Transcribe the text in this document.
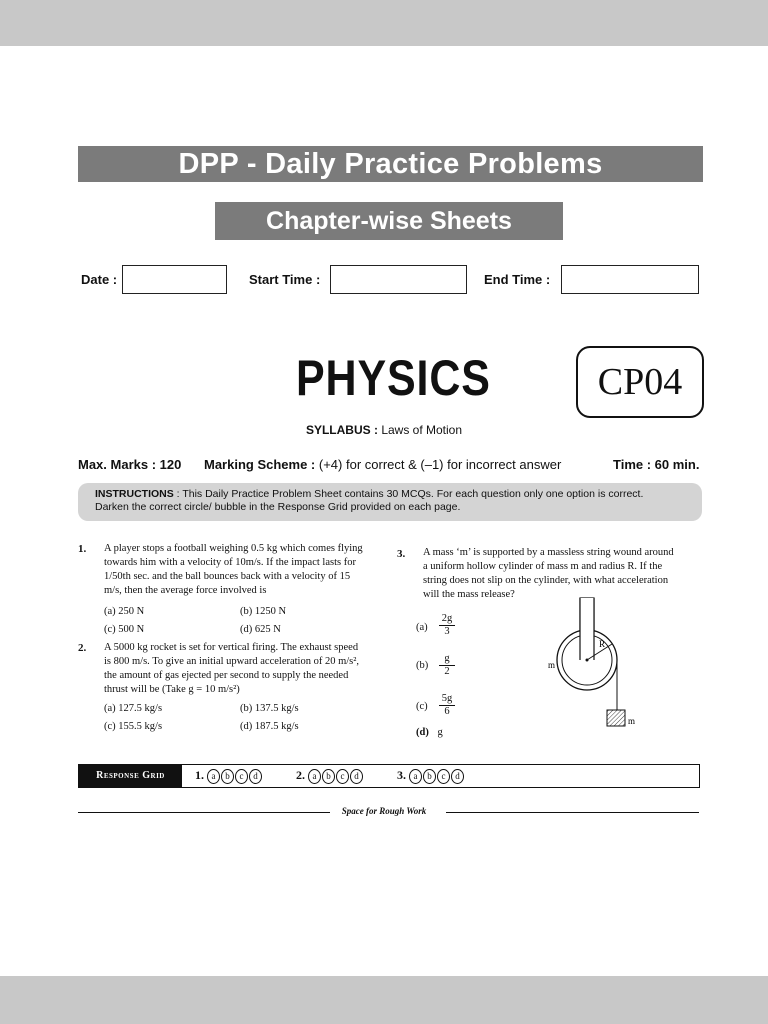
DPP - Daily Practice Problems
Chapter-wise Sheets
Date :	Start Time :	End Time :
PHYSICS	CP04
SYLLABUS : Laws of Motion
Max. Marks : 120 Marking Scheme : (+4) for correct & (–1) for incorrect answer	Time : 60 min.
INSTRUCTIONS : This Daily Practice Problem Sheet contains 30 MCQs. For each question only one option is correct.
Darken the correct circle/ bubble in the Response Grid provided on each page.
1. A player stops a football weighing 0.5 kg which comes flying
towards him with a velocity of 10m/s. If the impact lasts for
1/50th sec. and the ball bounces back with a velocity of 15
m/s, then the average force involved is
(a) 250 N	(b) 1250 N
(c) 500 N	(d) 625 N
2. A 5000 kg rocket is set for vertical firing. The exhaust speed
is 800 m/s. To give an initial upward acceleration of 20 m/s²,
the amount of gas ejected per second to supply the needed
thrust will be (Take g = 10 m/s²)
(a) 127.5 kg/s	(b) 137.5 kg/s
(c) 155.5 kg/s	(d) 187.5 kg/s
3. A mass ‘m’ is supported by a massless string wound around
a uniform hollow cylinder of mass m and radius R. If the
string does not slip on the cylinder, with what acceleration
will the mass release?
$(a) \frac{2g}{3}$
$(b) \frac{g}{2}$
$(c) \frac{5g}{6}$
(d) g
R
m
m
Response Grid	1. a b c d	2. a b c d	3. a b c d
Space for Rough Work
